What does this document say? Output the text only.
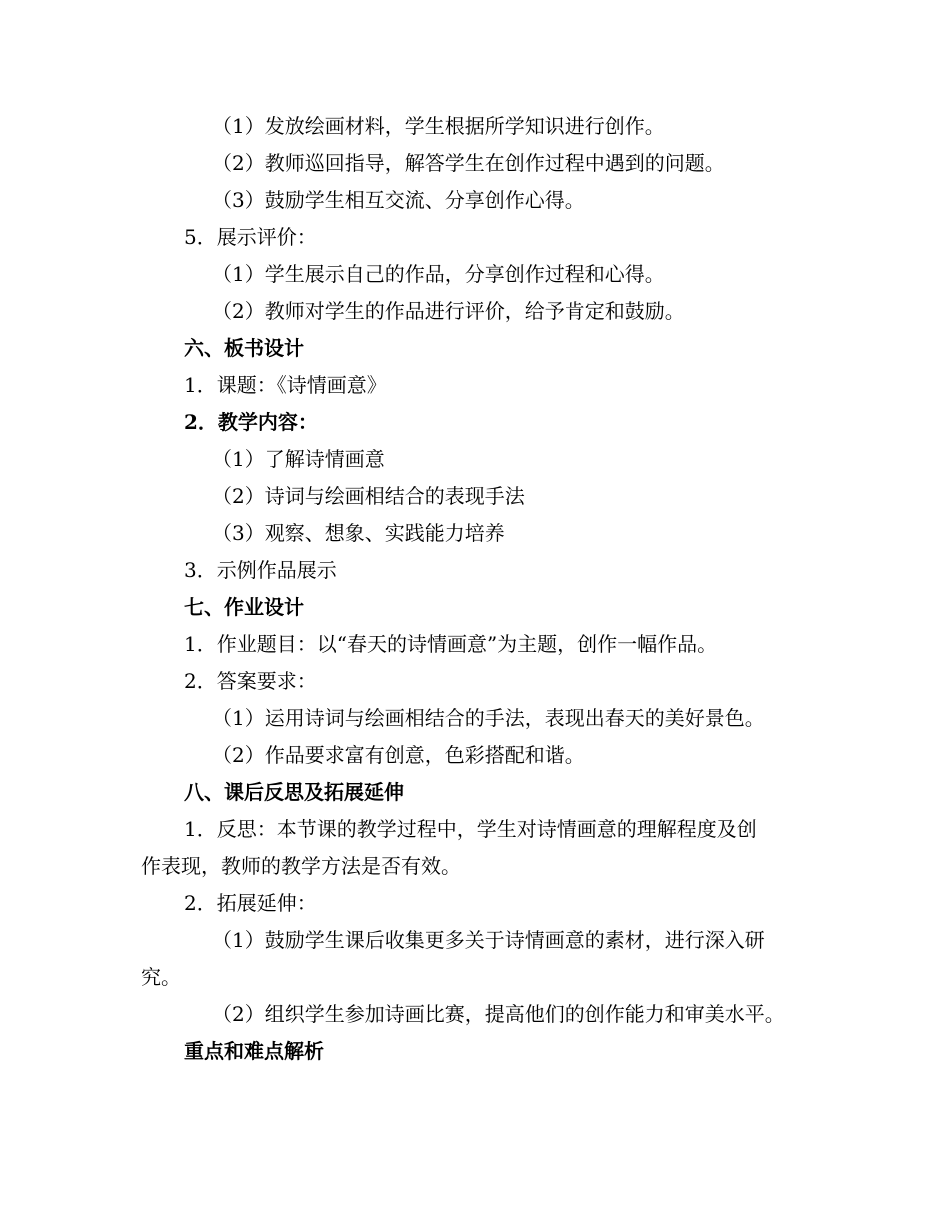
（1）发放绘画材料，学生根据所学知识进行创作。
（2）教师巡回指导，解答学生在创作过程中遇到的问题。
（3）鼓励学生相互交流、分享创作心得。
5．展示评价：
（1）学生展示自己的作品，分享创作过程和心得。
（2）教师对学生的作品进行评价，给予肯定和鼓励。
六、板书设计
1．课题：《诗情画意》
2．教学内容：
（1）了解诗情画意
（2）诗词与绘画相结合的表现手法
（3）观察、想象、实践能力培养
3．示例作品展示
七、作业设计
1．作业题目：以“春天的诗情画意”为主题，创作一幅作品。
2．答案要求：
（1）运用诗词与绘画相结合的手法，表现出春天的美好景色。
（2）作品要求富有创意，色彩搭配和谐。
八、课后反思及拓展延伸
1．反思：本节课的教学过程中，学生对诗情画意的理解程度及创
作表现，教师的教学方法是否有效。
2．拓展延伸：
（1）鼓励学生课后收集更多关于诗情画意的素材，进行深入研
究。
（2）组织学生参加诗画比赛，提高他们的创作能力和审美水平。
重点和难点解析
